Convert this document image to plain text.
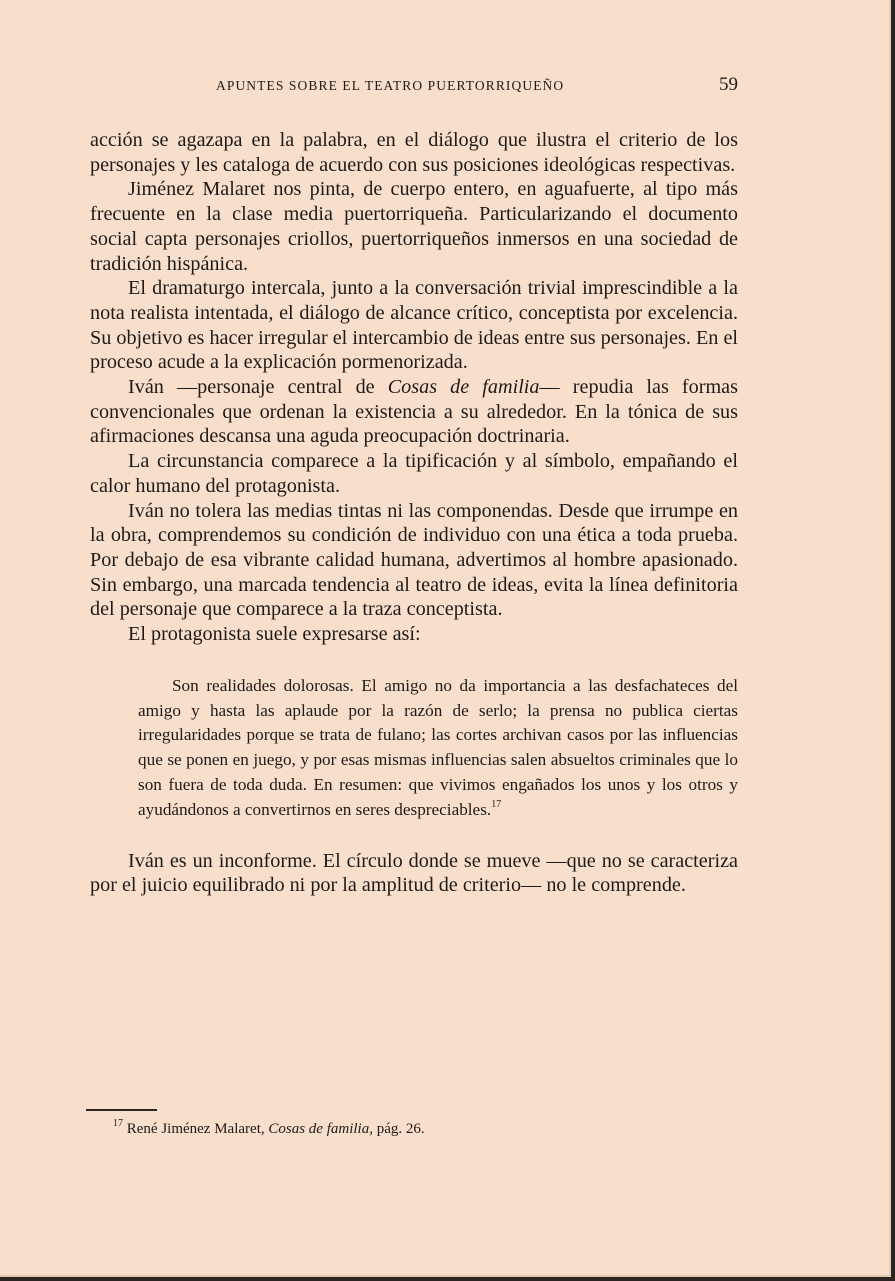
APUNTES SOBRE EL TEATRO PUERTORRIQUEÑO	59

acción se agazapa en la palabra, en el diálogo que ilustra el criterio de los personajes y les cataloga de acuerdo con sus posiciones ideológicas respectivas.

Jiménez Malaret nos pinta, de cuerpo entero, en aguafuerte, al tipo más frecuente en la clase media puertorriqueña. Particularizando el documento social capta personajes criollos, puertorriqueños inmersos en una sociedad de tradición hispánica.

El dramaturgo intercala, junto a la conversación trivial imprescindible a la nota realista intentada, el diálogo de alcance crítico, conceptista por excelencia. Su objetivo es hacer irregular el intercambio de ideas entre sus personajes. En el proceso acude a la explicación pormenorizada.

Iván —personaje central de Cosas de familia— repudia las formas convencionales que ordenan la existencia a su alrededor. En la tónica de sus afirmaciones descansa una aguda preocupación doctrinaria.

La circunstancia comparece a la tipificación y al símbolo, empañando el calor humano del protagonista.

Iván no tolera las medias tintas ni las componendas. Desde que irrumpe en la obra, comprendemos su condición de individuo con una ética a toda prueba. Por debajo de esa vibrante calidad humana, advertimos al hombre apasionado. Sin embargo, una marcada tendencia al teatro de ideas, evita la línea definitoria del personaje que comparece a la traza conceptista.

El protagonista suele expresarse así:

Son realidades dolorosas. El amigo no da importancia a las desfachateces del amigo y hasta las aplaude por la razón de serlo; la prensa no publica ciertas irregularidades porque se trata de fulano; las cortes archivan casos por las influencias que se ponen en juego, y por esas mismas influencias salen absueltos criminales que lo son fuera de toda duda. En resumen: que vivimos engañados los unos y los otros y ayudándonos a convertirnos en seres despreciables.$^{17}$

Iván es un inconforme. El círculo donde se mueve —que no se caracteriza por el juicio equilibrado ni por la amplitud de criterio— no le comprende.

$^{17}$ René Jiménez Malaret, Cosas de familia, pág. 26.
